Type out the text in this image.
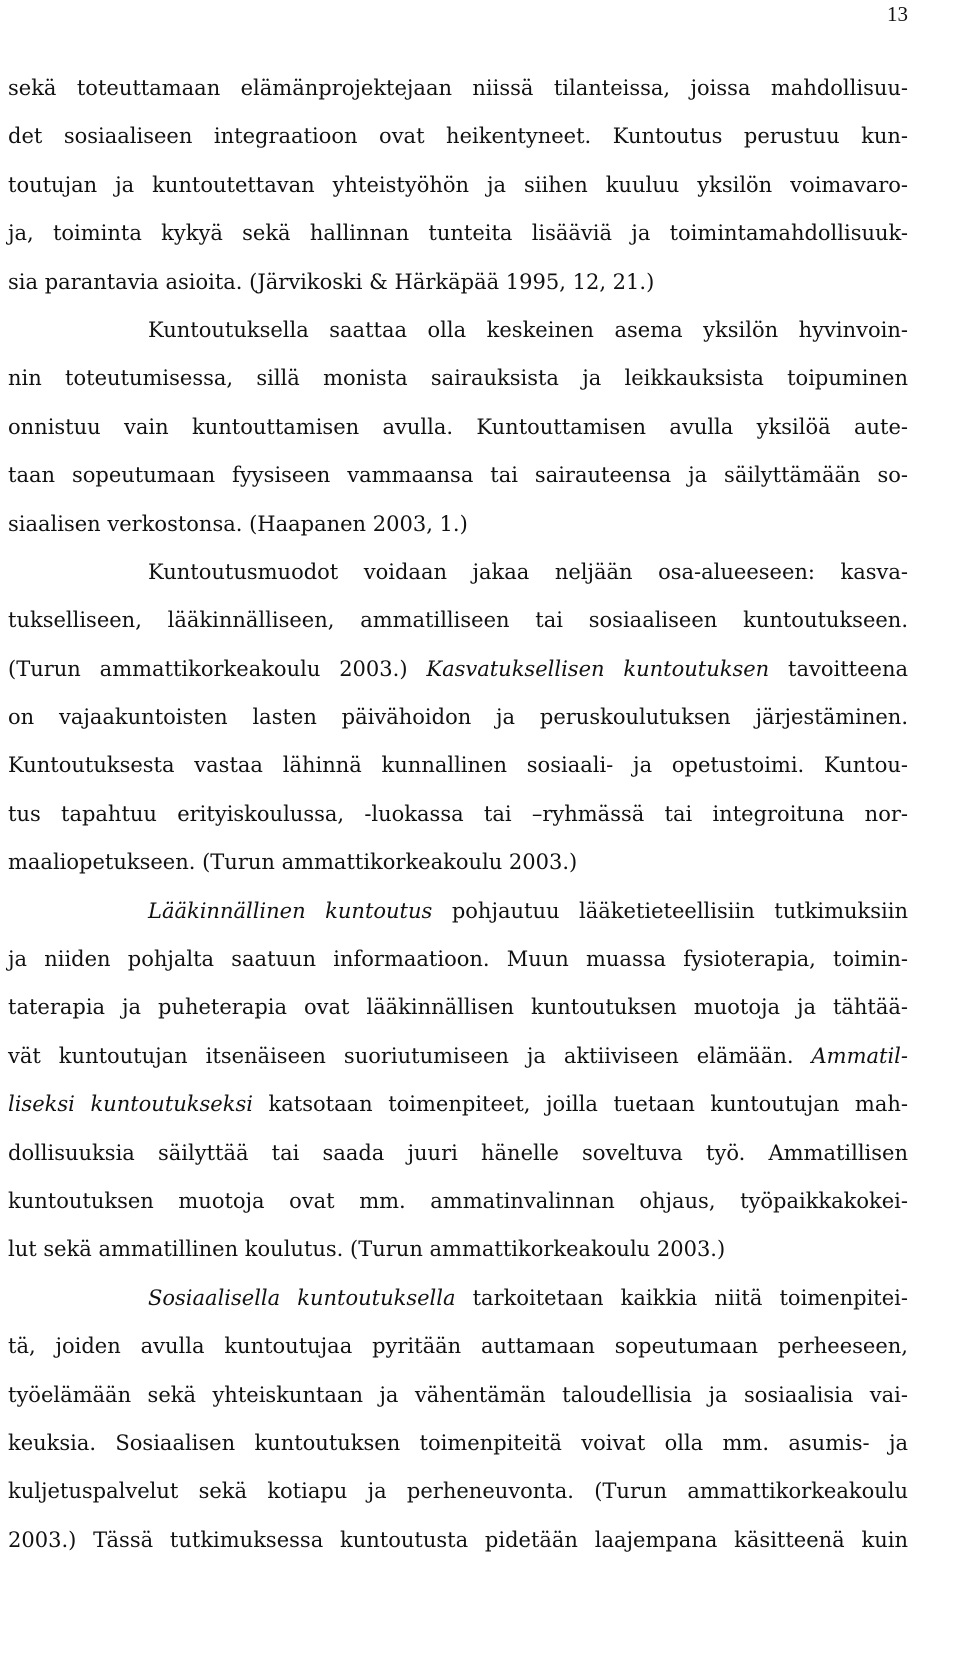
13
sekä toteuttamaan elämänprojektejaan niissä tilanteissa, joissa mahdollisuu-
det sosiaaliseen integraatioon ovat heikentyneet. Kuntoutus perustuu kun-
toutujan ja kuntoutettavan yhteistyöhön ja siihen kuuluu yksilön voimavaro-
ja, toiminta kykyä sekä hallinnan tunteita lisääviä ja toimintamahdollisuuk-
sia parantavia asioita. (Järvikoski & Härkäpää 1995, 12, 21.)
Kuntoutuksella saattaa olla keskeinen asema yksilön hyvinvoin-
nin toteutumisessa, sillä monista sairauksista ja leikkauksista toipuminen
onnistuu vain kuntouttamisen avulla. Kuntouttamisen avulla yksilöä aute-
taan sopeutumaan fyysiseen vammaansa tai sairauteensa ja säilyttämään so-
siaalisen verkostonsa. (Haapanen 2003, 1.)
Kuntoutusmuodot voidaan jakaa neljään osa-alueeseen: kasva-
tukselliseen, lääkinnälliseen, ammatilliseen tai sosiaaliseen kuntoutukseen.
(Turun ammattikorkeakoulu 2003.) Kasvatuksellisen kuntoutuksen tavoitteena
on vajaakuntoisten lasten päivähoidon ja peruskoulutuksen järjestäminen.
Kuntoutuksesta vastaa lähinnä kunnallinen sosiaali- ja opetustoimi. Kuntou-
tus tapahtuu erityiskoulussa, -luokassa tai –ryhmässä tai integroituna nor-
maaliopetukseen. (Turun ammattikorkeakoulu 2003.)
Lääkinnällinen kuntoutus pohjautuu lääketieteellisiin tutkimuksiin
ja niiden pohjalta saatuun informaatioon. Muun muassa fysioterapia, toimin-
taterapia ja puheterapia ovat lääkinnällisen kuntoutuksen muotoja ja tähtää-
vät kuntoutujan itsenäiseen suoriutumiseen ja aktiiviseen elämään. Ammatil-
liseksi kuntoutukseksi katsotaan toimenpiteet, joilla tuetaan kuntoutujan mah-
dollisuuksia säilyttää tai saada juuri hänelle soveltuva työ. Ammatillisen
kuntoutuksen muotoja ovat mm. ammatinvalinnan ohjaus, työpaikkakokei-
lut sekä ammatillinen koulutus. (Turun ammattikorkeakoulu 2003.)
Sosiaalisella kuntoutuksella tarkoitetaan kaikkia niitä toimenpitei-
tä, joiden avulla kuntoutujaa pyritään auttamaan sopeutumaan perheeseen,
työelämään sekä yhteiskuntaan ja vähentämän taloudellisia ja sosiaalisia vai-
keuksia. Sosiaalisen kuntoutuksen toimenpiteitä voivat olla mm. asumis- ja
kuljetuspalvelut sekä kotiapu ja perheneuvonta. (Turun ammattikorkeakoulu
2003.) Tässä tutkimuksessa kuntoutusta pidetään laajempana käsitteenä kuin
